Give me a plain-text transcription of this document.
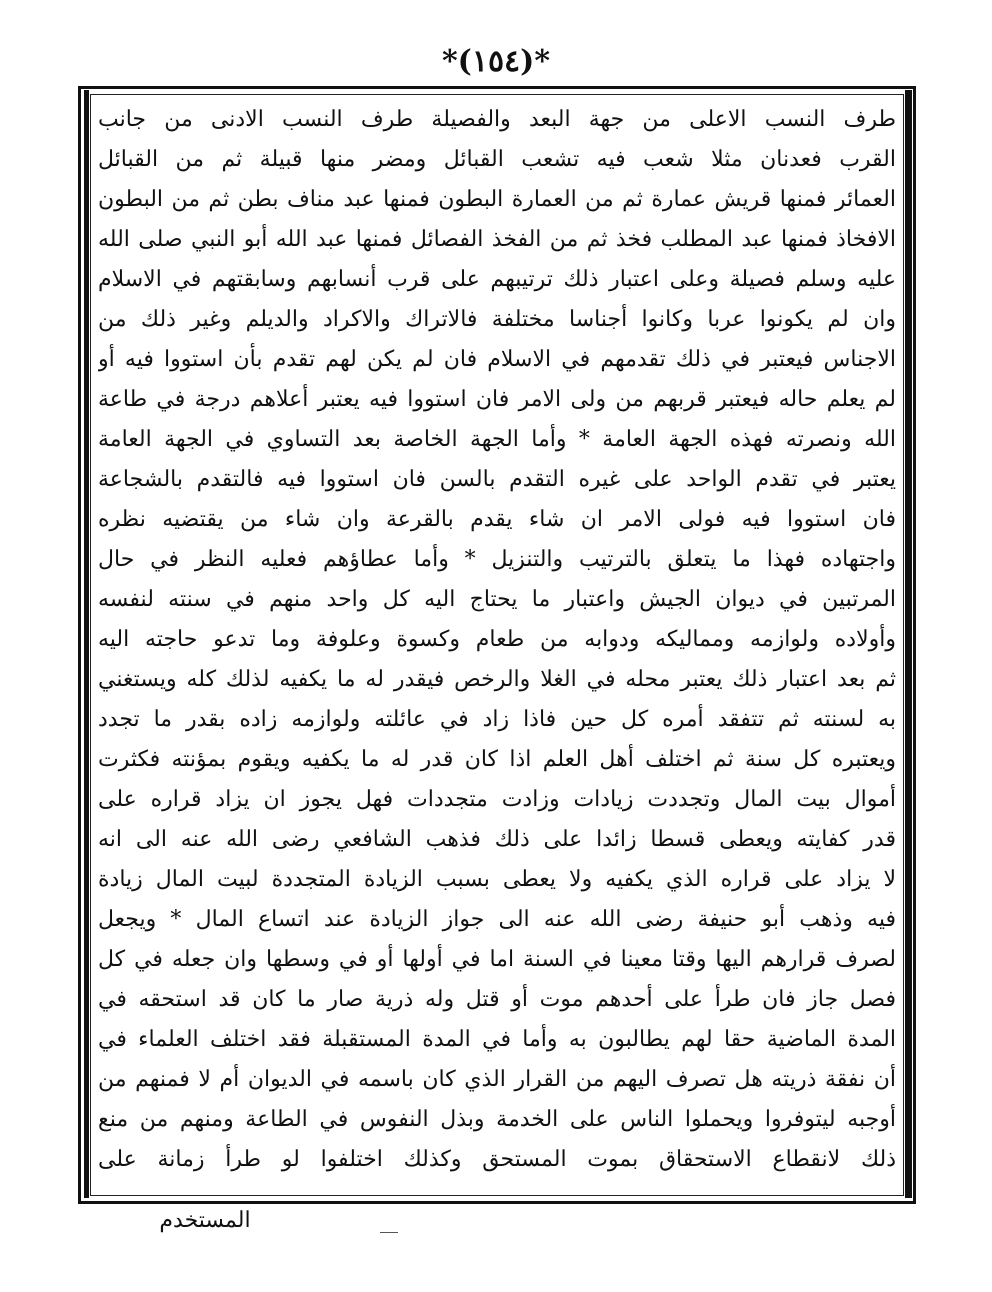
*(١٥٤)*
طرف النسب الاعلى من جهة البعد والفصيلة طرف النسب الادنى من جانب
القرب فعدنان مثلا شعب فيه تشعب القبائل ومضر منها قبيلة ثم من القبائل
العمائر فمنها قريش عمارة ثم من العمارة البطون فمنها عبد مناف بطن ثم من البطون
الافخاذ فمنها عبد المطلب فخذ ثم من الفخذ الفصائل فمنها عبد الله أبو النبي صلى الله
عليه وسلم فصيلة وعلى اعتبار ذلك ترتيبهم على قرب أنسابهم وسابقتهم في الاسلام
وان لم يكونوا عربا وكانوا أجناسا مختلفة فالاتراك والاكراد والديلم وغير ذلك من
الاجناس فيعتبر في ذلك تقدمهم في الاسلام فان لم يكن لهم تقدم بأن استووا فيه أو
لم يعلم حاله فيعتبر قربهم من ولى الامر فان استووا فيه يعتبر أعلاهم درجة في طاعة
الله ونصرته فهذه الجهة العامة * وأما الجهة الخاصة بعد التساوي في الجهة العامة
يعتبر في تقدم الواحد على غيره التقدم بالسن فان استووا فيه فالتقدم بالشجاعة
فان استووا فيه فولى الامر ان شاء يقدم بالقرعة وان شاء من يقتضيه نظره
واجتهاده فهذا ما يتعلق بالترتيب والتنزيل * وأما عطاؤهم فعليه النظر في حال
المرتبين في ديوان الجيش واعتبار ما يحتاج اليه كل واحد منهم في سنته لنفسه
وأولاده ولوازمه ومماليكه ودوابه من طعام وكسوة وعلوفة وما تدعو حاجته اليه
ثم بعد اعتبار ذلك يعتبر محله في الغلا والرخص فيقدر له ما يكفيه لذلك كله ويستغني
به لسنته ثم تتفقد أمره كل حين فاذا زاد في عائلته ولوازمه زاده بقدر ما تجدد
ويعتبره كل سنة ثم اختلف أهل العلم اذا كان قدر له ما يكفيه ويقوم بمؤنته فكثرت
أموال بيت المال وتجددت زيادات وزادت متجددات فهل يجوز ان يزاد قراره على
قدر كفايته ويعطى قسطا زائدا على ذلك فذهب الشافعي رضى الله عنه الى انه
لا يزاد على قراره الذي يكفيه ولا يعطى بسبب الزيادة المتجددة لبيت المال زيادة
فيه وذهب أبو حنيفة رضى الله عنه الى جواز الزيادة عند اتساع المال * ويجعل
لصرف قرارهم اليها وقتا معينا في السنة اما في أولها أو في وسطها وان جعله في كل
فصل جاز فان طرأ على أحدهم موت أو قتل وله ذرية صار ما كان قد استحقه في
المدة الماضية حقا لهم يطالبون به وأما في المدة المستقبلة فقد اختلف العلماء في
أن نفقة ذريته هل تصرف اليهم من القرار الذي كان باسمه في الديوان أم لا فمنهم من
أوجبه ليتوفروا ويحملوا الناس على الخدمة وبذل النفوس في الطاعة ومنهم من منع
ذلك لانقطاع الاستحقاق بموت المستحق وكذلك اختلفوا لو طرأ زمانة على
المستخدم
